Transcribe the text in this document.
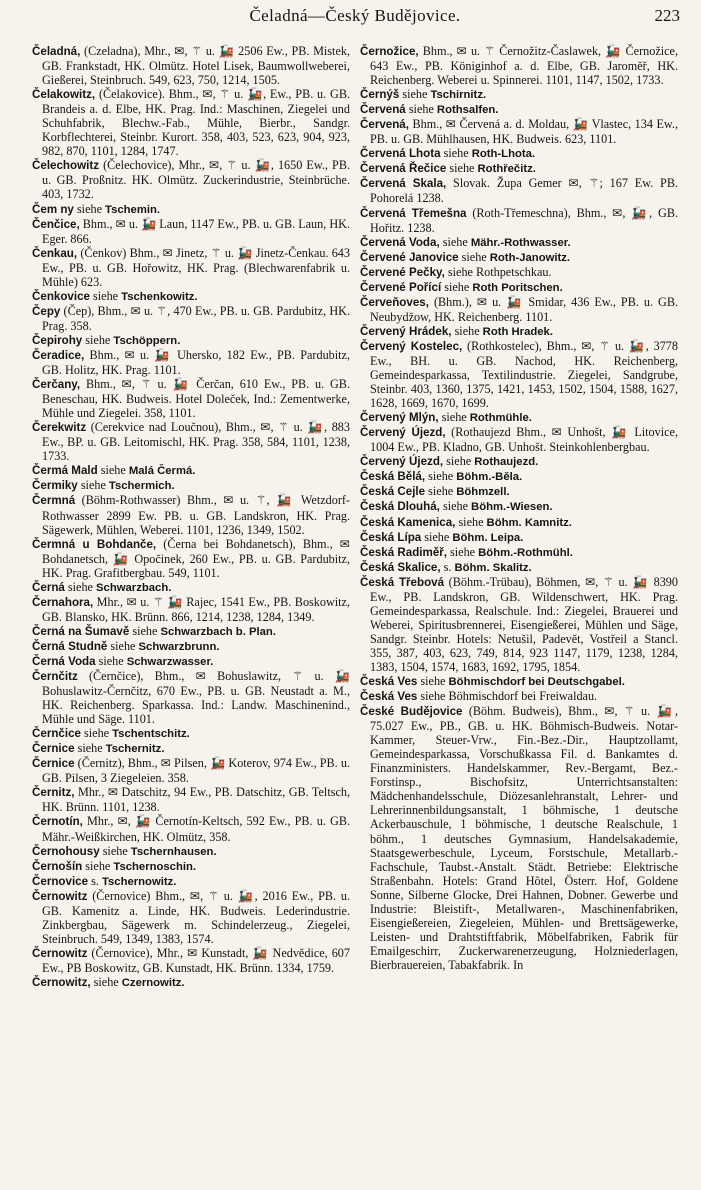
Čeladná—Český Budějovice.	223
Čeladná, (Czeladna), Mhr., ✉, ⚚ u. 🚂 2506 Ew., PB. Mistek, GB. Frankstadt, HK. Olmütz. Hotel Lisek, Baumwollweberei, Gießerei, Steinbruch. 549, 623, 750, 1214, 1505.
Čelakowitz, (Čelakovice). Bhm., ✉, ⚚ u. 🚂, Ew., PB. u. GB. Brandeis a. d. Elbe, HK. Prag. Ind.: Maschinen, Ziegelei und Schuhfabrik, Blechw.-Fab., Mühle, Bierbr., Sandgr. Korbflechterei, Steinbr. Kurort. 358, 403, 523, 623, 904, 923, 982, 870, 1101, 1284, 1747.
Čelechowitz (Čelechovice), Mhr., ✉, ⚚ u. 🚂, 1650 Ew., PB. u. GB. Proßnitz. HK. Olmütz. Zuckerindustrie, Steinbrüche. 403, 1732.
Čem ny siehe Tschemin.
Čenčice, Bhm., ✉ u. 🚂 Laun, 1147 Ew., PB. u. GB. Laun, HK. Eger. 866.
Čenkau, (Čenkov) Bhm., ✉ Jinetz, ⚚ u. 🚂 Jinetz-Čenkau. 643 Ew., PB. u. GB. Hořowitz, HK. Prag. (Blechwarenfabrik u. Mühle) 623.
Čenkovice siehe Tschenkowitz.
Čepy (Čep), Bhm., ✉ u. ⚚, 470 Ew., PB. u. GB. Pardubitz, HK. Prag. 358.
Čepirohy siehe Tschöppern.
Čeradice, Bhm., ✉ u. 🚂 Uhersko, 182 Ew., PB. Pardubitz, GB. Holitz, HK. Prag. 1101.
Čerčany, Bhm., ✉, ⚚ u. 🚂 Čerčan, 610 Ew., PB. u. GB. Beneschau, HK. Budweis. Hotel Doleček, Ind.: Zementwerke, Mühle und Ziegelei. 358, 1101.
Čerekwitz (Cerekvice nad Loučnou), Bhm., ✉, ⚚ u. 🚂, 883 Ew., BP. u. GB. Leitomischl, HK. Prag. 358, 584, 1101, 1238, 1733.
Čermá Mald siehe Malá Čermá.
Čermiky siehe Tschermich.
Čermná (Böhm-Rothwasser) Bhm., ✉ u. ⚚, 🚂 Wetzdorf-Rothwasser 2899 Ew. PB. u. GB. Landskron, HK. Prag. Sägewerk, Mühlen, Weberei. 1101, 1236, 1349, 1502.
Čermná u Bohdanče, (Černa bei Bohdanetsch), Bhm., ✉ Bohdanetsch, 🚂 Opočinek, 260 Ew., PB. u. GB. Pardubitz, HK. Prag. Grafitbergbau. 549, 1101.
Černá siehe Schwarzbach.
Černahora, Mhr., ✉ u. ⚚ 🚂 Rajec, 1541 Ew., PB. Boskowitz, GB. Blansko, HK. Brünn. 866, 1214, 1238, 1284, 1349.
Černá na Šumavě siehe Schwarzbach b. Plan.
Černá Studně siehe Schwarzbrunn.
Černá Voda siehe Schwarzwasser.
Černčitz (Černčice), Bhm., ✉ Bohuslawitz, ⚚ u. 🚂 Bohuslawitz-Černčitz, 670 Ew., PB. u. GB. Neustadt a. M., HK. Reichenberg. Sparkassa. Ind.: Landw. Maschinenind., Mühle und Säge. 1101.
Černčice siehe Tschentschitz.
Černice siehe Tschernitz.
Černice (Černitz), Bhm., ✉ Pilsen, 🚂 Koterov, 974 Ew., PB. u. GB. Pilsen, 3 Ziegeleien. 358.
Černitz, Mhr., ✉ Datschitz, 94 Ew., PB. Datschitz, GB. Teltsch, HK. Brünn. 1101, 1238.
Černotín, Mhr., ✉, 🚂 Černotín-Keltsch, 592 Ew., PB. u. GB. Mähr.-Weißkirchen, HK. Olmütz, 358.
Černohousy siehe Tschernhausen.
Černošín siehe Tschernoschin.
Černovice s. Tschernowitz.
Černowitz (Černovice) Bhm., ✉, ⚚ u. 🚂, 2016 Ew., PB. u. GB. Kamenitz a. Linde, HK. Budweis. Lederindustrie. Zinkbergbau, Sägewerk m. Schindelerzeug., Ziegelei, Steinbruch. 549, 1349, 1383, 1574.
Černowitz (Černovice), Mhr., ✉ Kunstadt, 🚂 Nedvědice, 607 Ew., PB Boskowitz, GB. Kunstadt, HK. Brünn. 1334, 1759.
Černowitz, siehe Czernowitz.
Černožice, Bhm., ✉ u. ⚚ Černožitz-Časlawek, 🚂 Černožice, 643 Ew., PB. Königinhof a. d. Elbe, GB. Jaroměř, HK. Reichenberg. Weberei u. Spinnerei. 1101, 1147, 1502, 1733.
Černýš siehe Tschirnitz.
Červená siehe Rothsalfen.
Červená, Bhm., ✉ Červená a. d. Moldau, 🚂 Vlastec, 134 Ew., PB. u. GB. Mühlhausen, HK. Budweis. 623, 1101.
Červená Lhota siehe Roth-Lhota.
Červená Řečice siehe Rothřečitz.
Červená Skala, Slovak. Župa Gemer ✉, ⚚; 167 Ew. PB. Pohorelá 1238.
Červená Třemešna (Roth-Třemeschna), Bhm., ✉, 🚂, GB. Hořitz. 1238.
Červená Voda, siehe Mähr.-Rothwasser.
Červené Janovice siehe Roth-Janowitz.
Červené Pečky, siehe Rothpetschkau.
Červené Pořící siehe Roth Poritschen.
Červeňoves, (Bhm.), ✉ u. 🚂 Smidar, 436 Ew., PB. u. GB. Neubydžow, HK. Reichenberg. 1101.
Červený Hrádek, siehe Roth Hradek.
Červený Kostelec, (Rothkostelec), Bhm., ✉, ⚚ u. 🚂, 3778 Ew., BH. u. GB. Nachod, HK. Reichenberg, Gemeindesparkassa, Textilindustrie. Ziegelei, Sandgrube, Steinbr. 403, 1360, 1375, 1421, 1453, 1502, 1504, 1588, 1627, 1628, 1669, 1670, 1699.
Červený Mlýn, siehe Rothmühle.
Červený Újezd, (Rothaujezd Bhm., ✉ Unhošt, 🚂 Litovice, 1004 Ew., PB. Kladno, GB. Unhošt. Steinkohlenbergbau.
Červený Újezd, siehe Rothaujezd.
Česká Bělá, siehe Böhm.-Běla.
Česká Cejle siehe Böhmzell.
Česká Dlouhá, siehe Böhm.-Wiesen.
Česká Kamenica, siehe Böhm. Kamnitz.
Česká Lípa siehe Böhm. Leipa.
Česká Radiměř, siehe Böhm.-Rothmühl.
Česká Skalice, s. Böhm. Skalitz.
Česká Třebová (Böhm.-Trübau), Böhmen, ✉, ⚚ u. 🚂 8390 Ew., PB. Landskron, GB. Wildenschwert, HK. Prag. Gemeindesparkassa, Realschule. Ind.: Ziegelei, Brauerei und Weberei, Spiritusbrennerei, Eisengießerei, Mühlen und Säge, Sandgr. Steinbr. Hotels: Netušil, Padevět, Vostřeil a Stancl. 355, 387, 403, 623, 749, 814, 923 1147, 1179, 1238, 1284, 1383, 1504, 1574, 1683, 1692, 1795, 1854.
Česká Ves siehe Böhmischdorf bei Deutschgabel.
Česká Ves siehe Böhmischdorf bei Freiwaldau.
České Budějovice (Böhm. Budweis), Bhm., ✉, ⚚ u. 🚂, 75.027 Ew., PB., GB. u. HK. Böhmisch-Budweis. Notar-Kammer, Steuer-Vrw., Fin.-Bez.-Dir., Hauptzollamt, Gemeindesparkassa, Vorschußkassa Fil. d. Bankamtes d. Finanzministers. Handelskammer, Rev.-Bergamt, Bez.-Forstinsp., Bischofsitz, Unterrichtsanstalten: Mädchenhandelsschule, Diözesanlehranstalt, Lehrer- und Lehrerinnenbildungsanstalt, 1 böhmische, 1 deutsche Ackerbauschule, 1 böhmische, 1 deutsche Realschule, 1 böhm., 1 deutsches Gymnasium, Handelsakademie, Staatsgewerbeschule, Lyceum, Forstschule, Metallarb.-Fachschule, Taubst.-Anstalt. Städt. Betriebe: Elektrische Straßenbahn. Hotels: Grand Hôtel, Österr. Hof, Goldene Sonne, Silberne Glocke, Drei Hahnen, Dobner. Gewerbe und Industrie: Bleistift-, Metallwaren-, Maschinenfabriken, Eisengießereien, Ziegeleien, Mühlen- und Brettsägewerke, Leisten- und Drahtstiftfabrik, Möbelfabriken, Fabrik für Emailgeschirr, Zuckerwarenerzeugung, Holzniederlagen, Bierbrauereien, Tabakfabrik. In
